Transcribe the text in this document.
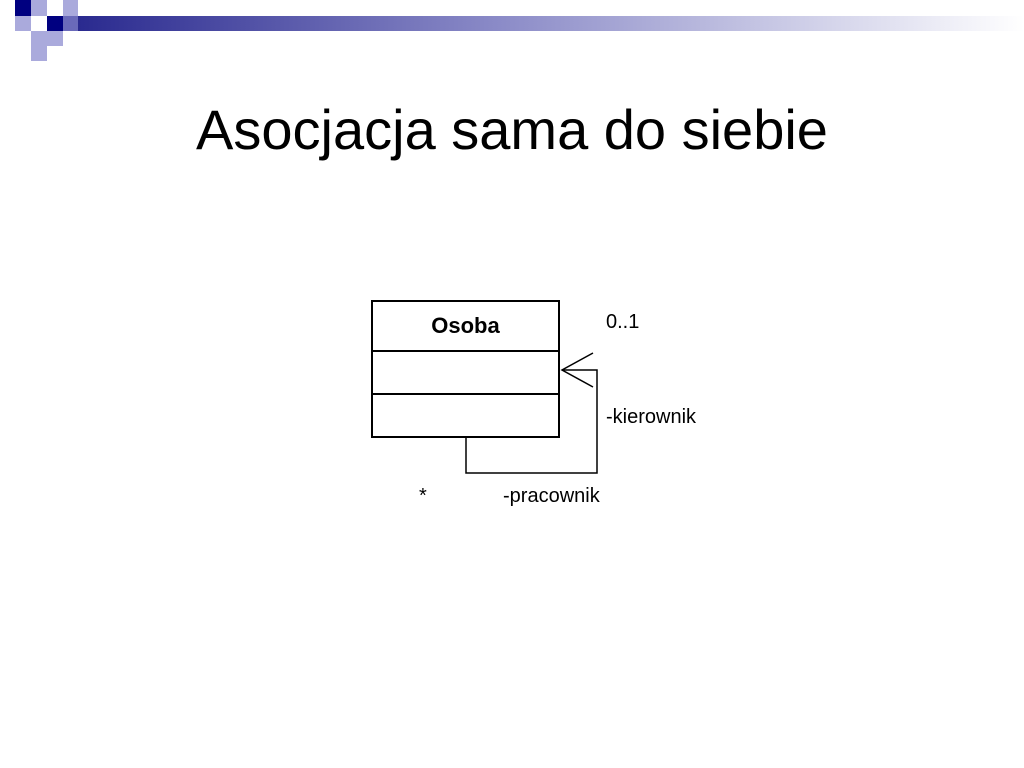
Asocjacja sama do siebie
Osoba	0..1
-kierownik
*	-pracownik
